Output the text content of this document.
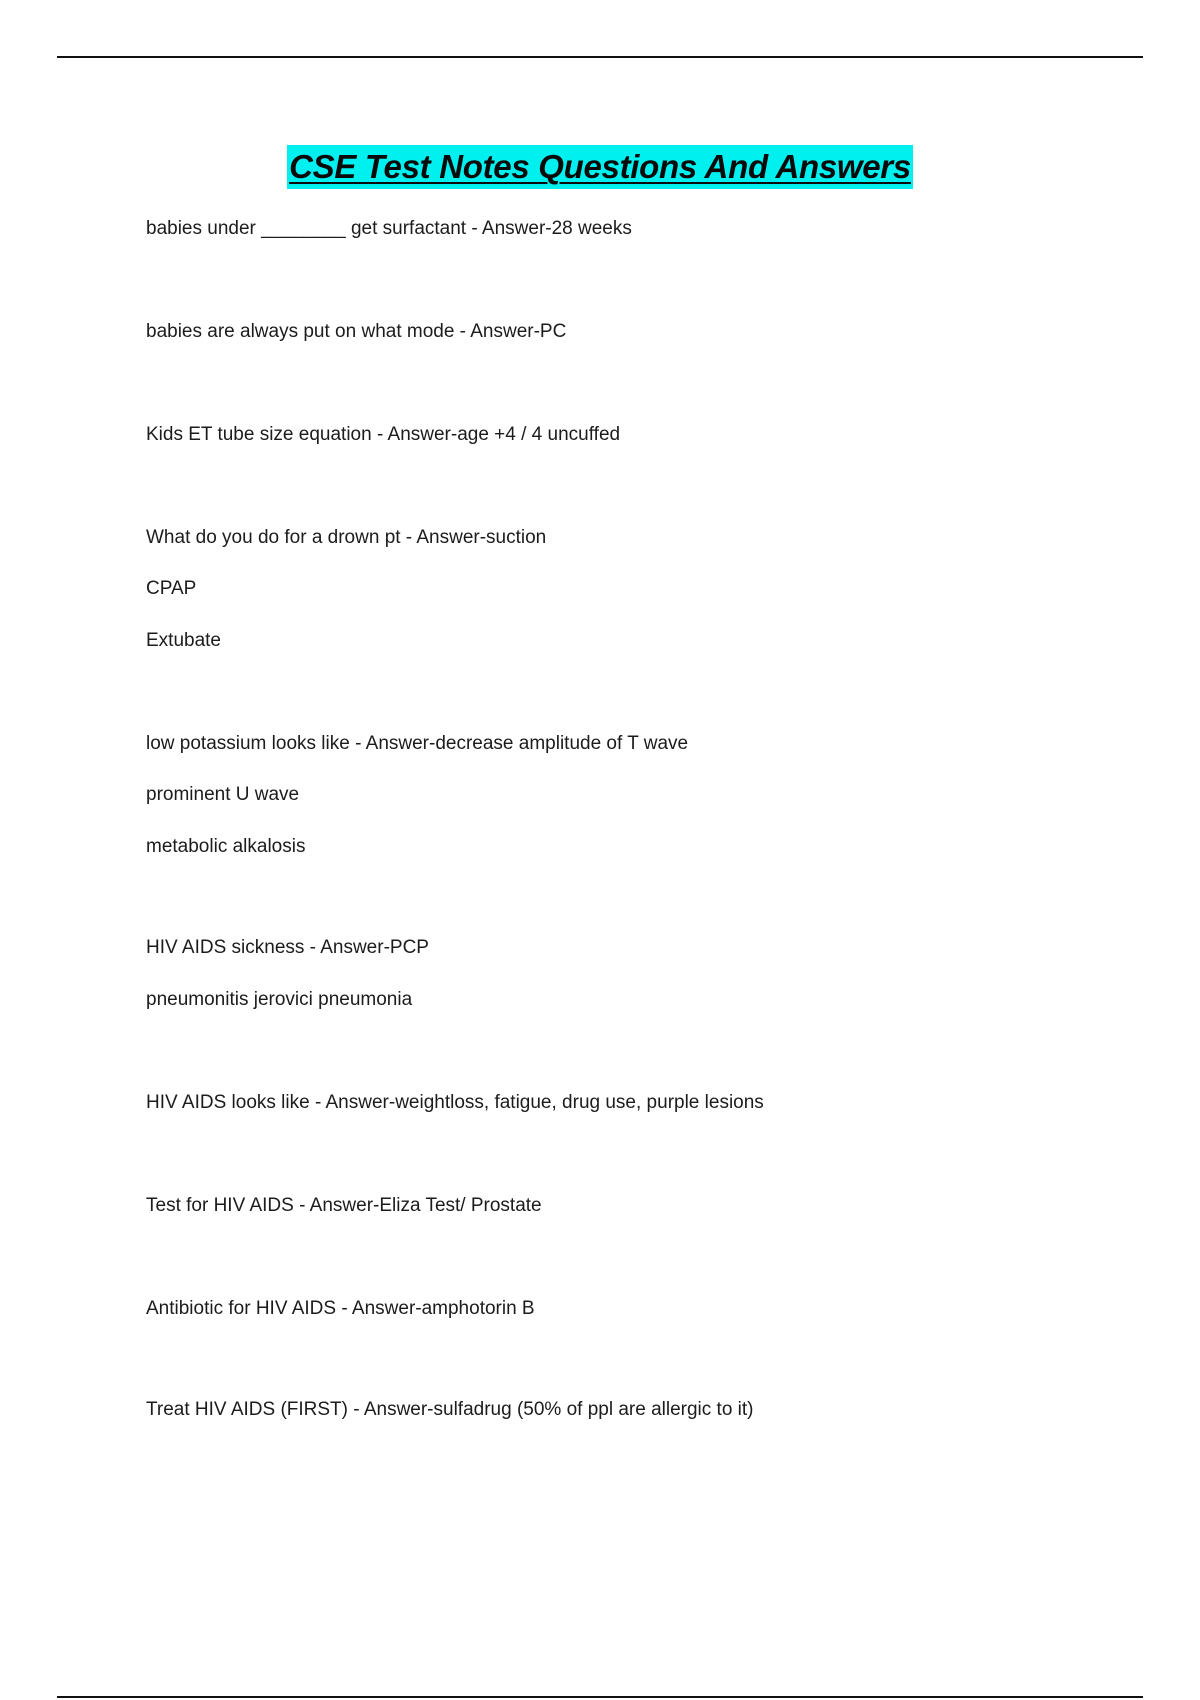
CSE Test Notes Questions And Answers
babies under ________ get surfactant - Answer-28 weeks
babies are always put on what mode - Answer-PC
Kids ET tube size equation - Answer-age +4 / 4 uncuffed
What do you do for a drown pt - Answer-suction
CPAP
Extubate
low potassium looks like - Answer-decrease amplitude of T wave
prominent U wave
metabolic alkalosis
HIV AIDS sickness - Answer-PCP
pneumonitis jerovici pneumonia
HIV AIDS looks like - Answer-weightloss, fatigue, drug use, purple lesions
Test for HIV AIDS - Answer-Eliza Test/ Prostate
Antibiotic for HIV AIDS - Answer-amphotorin B
Treat HIV AIDS (FIRST) - Answer-sulfadrug (50% of ppl are allergic to it)
